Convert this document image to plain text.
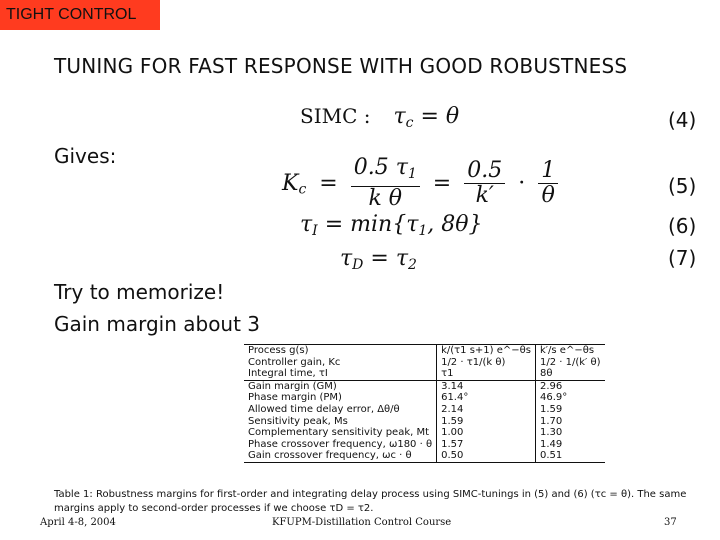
TIGHT CONTROL
TUNING FOR FAST RESPONSE WITH GOOD ROBUSTNESS
SIMC : $\tau_c = \theta$	(4)
Gives:
$K_c = \frac{0.5 \tau_1}{\text{k θ}} = \frac{0.5}{k'} \cdot \frac{1}{\theta}$	(5)
$\tau_I = \min\{\tau_1$, 8θ}	(6)
$\tau_D = \tau_2$	(7)
Try to memorize!
Gain margin about 3
Process g(s)	k/(τ1 s+1) e^−θs	k′/s e^−θs
Controller gain, Kc	1/2 · τ1/(k θ)	1/2 · 1/(k′ θ)
Integral time, τI	τ1	8θ
Gain margin (GM)	3.14	2.96
Phase margin (PM)	61.4°	46.9°
Allowed time delay error, Δθ/θ	2.14	1.59
Sensitivity peak, Ms	1.59	1.70
Complementary sensitivity peak, Mt	1.00	1.30
Phase crossover frequency, ω180 · θ	1.57	1.49
Gain crossover frequency, ωc · θ	0.50	0.51
Table 1: Robustness margins for first-order and integrating delay process using SIMC-tunings in (5) and (6) (τc = θ). The same margins apply to second-order processes if we choose τD = τ2.
April 4-8, 2004	KFUPM-Distillation Control Course	37
